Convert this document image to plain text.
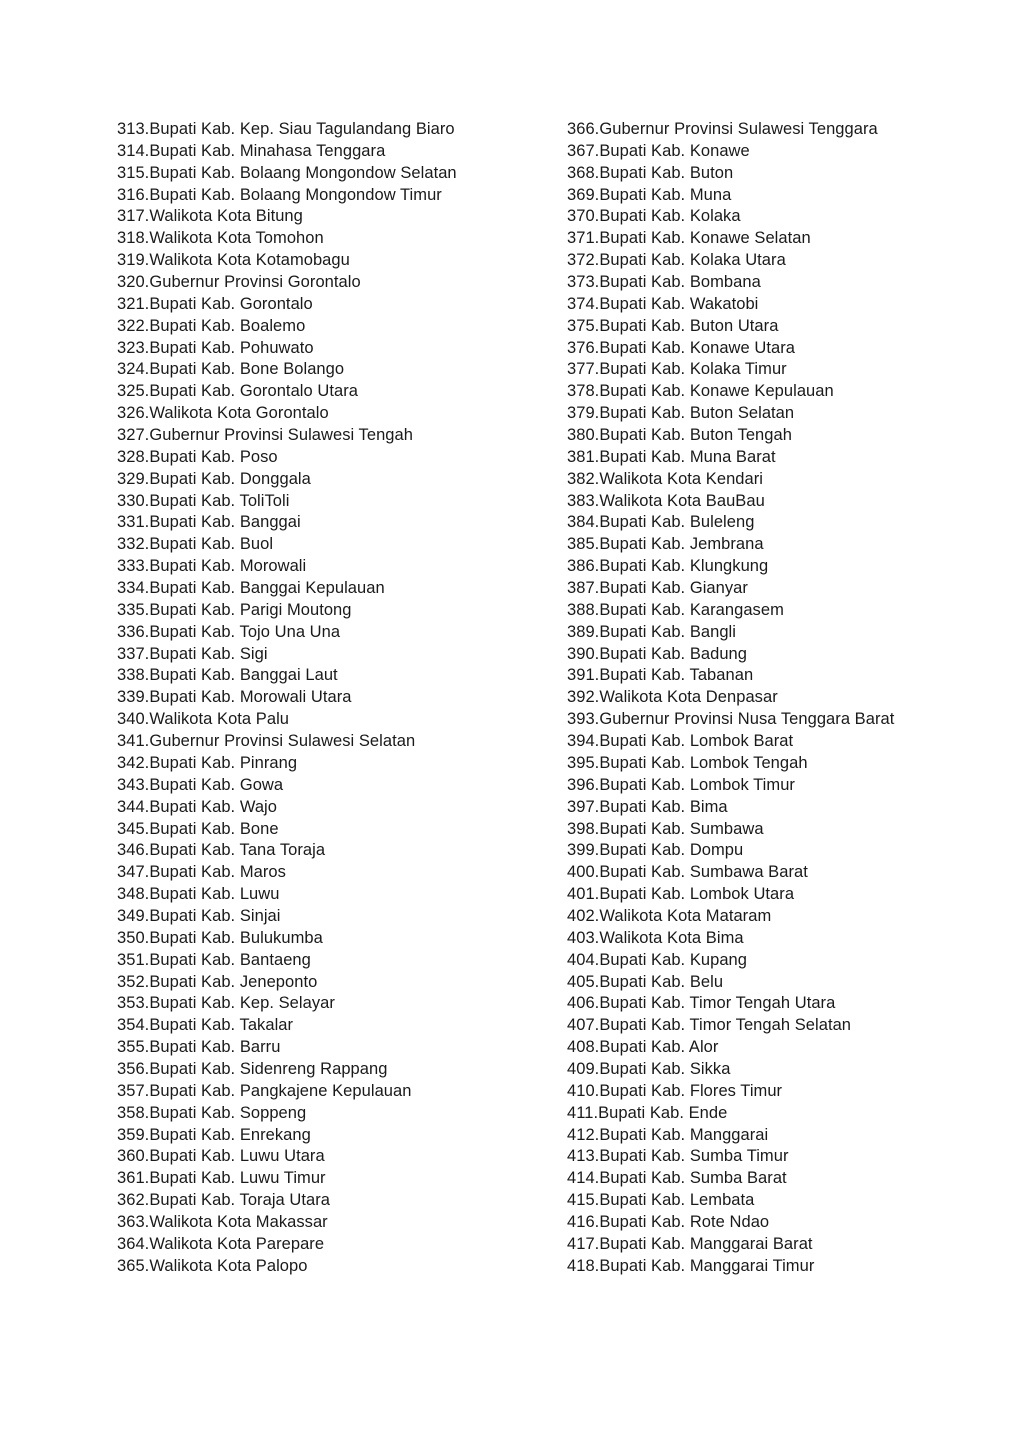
313.Bupati Kab. Kep. Siau Tagulandang Biaro
314.Bupati Kab. Minahasa Tenggara
315.Bupati Kab. Bolaang Mongondow Selatan
316.Bupati Kab. Bolaang Mongondow Timur
317.Walikota Kota Bitung
318.Walikota Kota Tomohon
319.Walikota Kota Kotamobagu
320.Gubernur Provinsi Gorontalo
321.Bupati Kab. Gorontalo
322.Bupati Kab. Boalemo
323.Bupati Kab. Pohuwato
324.Bupati Kab. Bone Bolango
325.Bupati Kab. Gorontalo Utara
326.Walikota Kota Gorontalo
327.Gubernur Provinsi Sulawesi Tengah
328.Bupati Kab. Poso
329.Bupati Kab. Donggala
330.Bupati Kab. ToliToli
331.Bupati Kab. Banggai
332.Bupati Kab. Buol
333.Bupati Kab. Morowali
334.Bupati Kab. Banggai Kepulauan
335.Bupati Kab. Parigi Moutong
336.Bupati Kab. Tojo Una Una
337.Bupati Kab. Sigi
338.Bupati Kab. Banggai Laut
339.Bupati Kab. Morowali Utara
340.Walikota Kota Palu
341.Gubernur Provinsi Sulawesi Selatan
342.Bupati Kab. Pinrang
343.Bupati Kab. Gowa
344.Bupati Kab. Wajo
345.Bupati Kab. Bone
346.Bupati Kab. Tana Toraja
347.Bupati Kab. Maros
348.Bupati Kab. Luwu
349.Bupati Kab. Sinjai
350.Bupati Kab. Bulukumba
351.Bupati Kab. Bantaeng
352.Bupati Kab. Jeneponto
353.Bupati Kab. Kep. Selayar
354.Bupati Kab. Takalar
355.Bupati Kab. Barru
356.Bupati Kab. Sidenreng Rappang
357.Bupati Kab. Pangkajene Kepulauan
358.Bupati Kab. Soppeng
359.Bupati Kab. Enrekang
360.Bupati Kab. Luwu Utara
361.Bupati Kab. Luwu Timur
362.Bupati Kab. Toraja Utara
363.Walikota Kota Makassar
364.Walikota Kota Parepare
365.Walikota Kota Palopo
366.Gubernur Provinsi Sulawesi Tenggara
367.Bupati Kab. Konawe
368.Bupati Kab. Buton
369.Bupati Kab. Muna
370.Bupati Kab. Kolaka
371.Bupati Kab. Konawe Selatan
372.Bupati Kab. Kolaka Utara
373.Bupati Kab. Bombana
374.Bupati Kab. Wakatobi
375.Bupati Kab. Buton Utara
376.Bupati Kab. Konawe Utara
377.Bupati Kab. Kolaka Timur
378.Bupati Kab. Konawe Kepulauan
379.Bupati Kab. Buton Selatan
380.Bupati Kab. Buton Tengah
381.Bupati Kab. Muna Barat
382.Walikota Kota Kendari
383.Walikota Kota BauBau
384.Bupati Kab. Buleleng
385.Bupati Kab. Jembrana
386.Bupati Kab. Klungkung
387.Bupati Kab. Gianyar
388.Bupati Kab. Karangasem
389.Bupati Kab. Bangli
390.Bupati Kab. Badung
391.Bupati Kab. Tabanan
392.Walikota Kota Denpasar
393.Gubernur Provinsi Nusa Tenggara Barat
394.Bupati Kab. Lombok Barat
395.Bupati Kab. Lombok Tengah
396.Bupati Kab. Lombok Timur
397.Bupati Kab. Bima
398.Bupati Kab. Sumbawa
399.Bupati Kab. Dompu
400.Bupati Kab. Sumbawa Barat
401.Bupati Kab. Lombok Utara
402.Walikota Kota Mataram
403.Walikota Kota Bima
404.Bupati Kab. Kupang
405.Bupati Kab. Belu
406.Bupati Kab. Timor Tengah Utara
407.Bupati Kab. Timor Tengah Selatan
408.Bupati Kab. Alor
409.Bupati Kab. Sikka
410.Bupati Kab. Flores Timur
411.Bupati Kab. Ende
412.Bupati Kab. Manggarai
413.Bupati Kab. Sumba Timur
414.Bupati Kab. Sumba Barat
415.Bupati Kab. Lembata
416.Bupati Kab. Rote Ndao
417.Bupati Kab. Manggarai Barat
418.Bupati Kab. Manggarai Timur
